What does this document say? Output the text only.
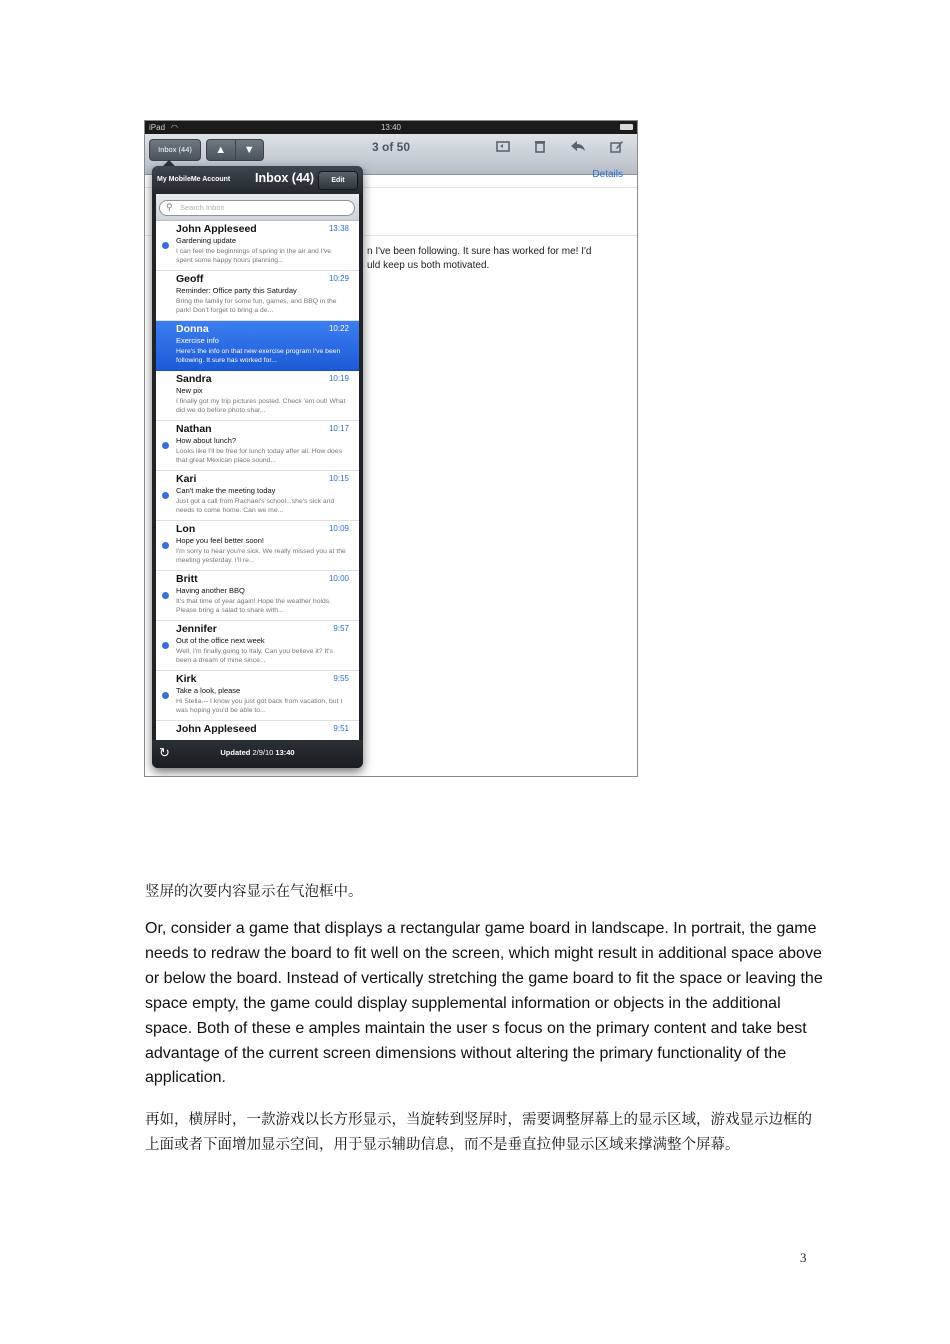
iPad ◠	13:40
Inbox (44)	▲	▼	3 of 50
Details
n I've been following. It sure has worked for me! I'd
uld keep us both motivated.
My MobileMe Account Inbox (44)	Edit
⚲ Search Inbox
John Appleseed	13:38
Gardening update
I can feel the beginnings of spring in the air and I've spent some happy hours planning...
Geoff	10:29
Reminder: Office party this Saturday
Bring the family for some fun, games, and BBQ in the park! Don't forget to bring a de...
Donna	10:22
Exercise info
Here's the info on that new exercise program I've been following. It sure has worked for...
Sandra	10:19
New pix
I finally got my trip pictures posted. Check 'em out! What did we do before photo shar...
Nathan	10:17
How about lunch?
Looks like I'll be free for lunch today after all. How does that great Mexican place sound...
Kari	10:15
Can't make the meeting today
Just got a call from Rachael's school...she's sick and needs to come home. Can we me...
Lon	10:09
Hope you feel better soon!
I'm sorry to hear you're sick. We really missed you at the meeting yesterday. I'll re...
Britt	10:00
Having another BBQ
It's that time of year again! Hope the weather holds. Please bring a salad to share with...
Jennifer	9:57
Out of the office next week
Well, I'm finally going to Italy. Can you believe it? It's been a dream of mine since...
Kirk	9:55
Take a look, please
Hi Stella--- I know you just got back from vacation, but I was hoping you'd be able to...
John Appleseed	9:51
↻	Updated 2/9/10 13:40
竖屏的次要内容显示在气泡框中。

Or, consider a game that displays a rectangular game board in landscape. In portrait, the game needs to redraw the board to fit well on the screen, which might result in additional space above or below the board. Instead of vertically stretching the game board to fit the space or leaving the space empty, the game could display supplemental information or objects in the additional space. Both of these e amples maintain the user s focus on the primary content and take best advantage of the current screen dimensions without altering the primary functionality of the application.

再如，横屏时，一款游戏以长方形显示，当旋转到竖屏时，需要调整屏幕上的显示区域，游戏显示边框的上面或者下面增加显示空间，用于显示辅助信息，而不是垂直拉伸显示区域来撑满整个屏幕。

3
